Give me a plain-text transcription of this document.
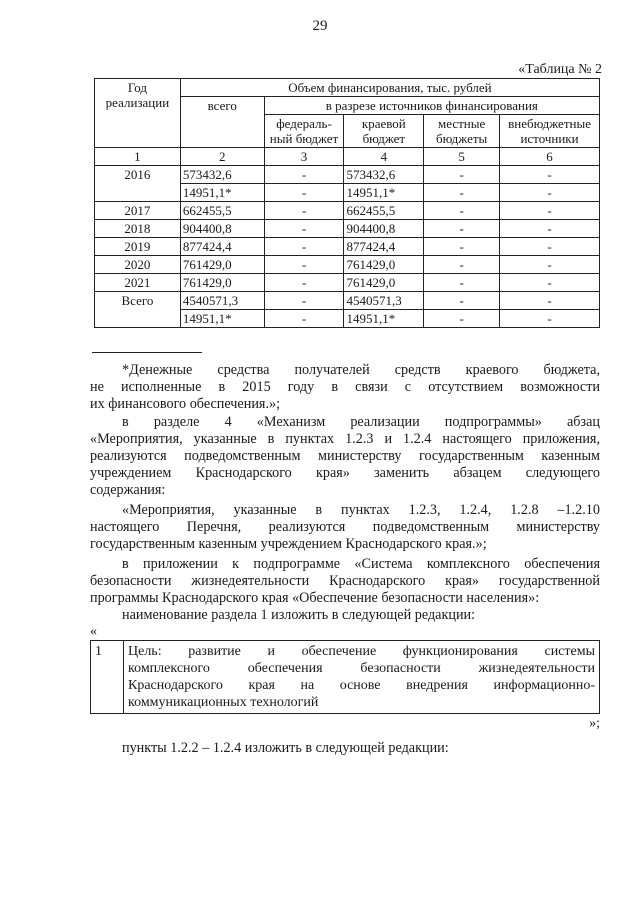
29
«Таблица № 2
Год реализации	Объем финансирования, тыс. рублей				
	всего	в разрезе источников финансирования			
		федераль-ный бюджет	краевой бюджет	местные бюджеты	внебюджетные источники
1	2	3	4	5	6
2016	573432,6	-	573432,6	-	-
	14951,1*	-	14951,1*	-	-
2017	662455,5	-	662455,5	-	-
2018	904400,8	-	904400,8	-	-
2019	877424,4	-	877424,4	-	-
2020	761429,0	-	761429,0	-	-
2021	761429,0	-	761429,0	-	-
Всего	4540571,3	-	4540571,3	-	-
	14951,1*	-	14951,1*	-	-

*Денежные средства получателей средств краевого бюджета,

не исполненные в 2015 году в связи с отсутствием возможности

их финансового обеспечения.»;

в разделе 4 «Механизм реализации подпрограммы» абзац

«Мероприятия, указанные в пунктах 1.2.3 и 1.2.4 настоящего приложения,

реализуются подведомственным министерству государственным казенным

учреждением Краснодарского края» заменить абзацем следующего

содержания:

«Мероприятия, указанные в пунктах 1.2.3, 1.2.4, 1.2.8 –1.2.10

настоящего Перечня, реализуются подведомственным министерству

государственным казенным учреждением Краснодарского края.»;

в приложении к подпрограмме «Система комплексного обеспечения

безопасности жизнедеятельности Краснодарского края» государственной

программы Краснодарского края «Обеспечение безопасности населения»:

наименование раздела 1 изложить в следующей редакции:

«
1	Цель: развитие и обеспечение функционирования системы
комплексного обеспечения безопасности жизнедеятельности
Краснодарского края на основе внедрения информационно-
коммуникационных технологий
»;

пункты 1.2.2 – 1.2.4 изложить в следующей редакции:
